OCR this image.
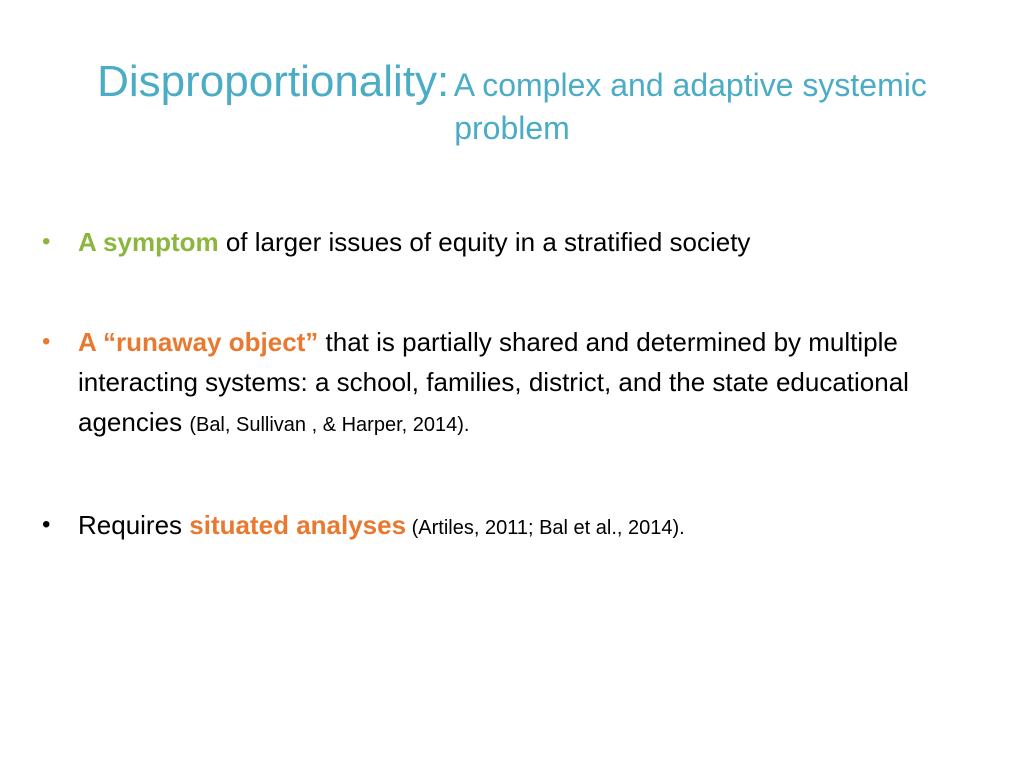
Disproportionality: A complex and adaptive systemic problem
• A symptom of larger issues of equity in a stratified society
• A “runaway object” that is partially shared and determined by multiple interacting systems: a school, families, district, and the state educational agencies (Bal, Sullivan , & Harper, 2014).
• Requires situated analyses (Artiles, 2011; Bal et al., 2014).
